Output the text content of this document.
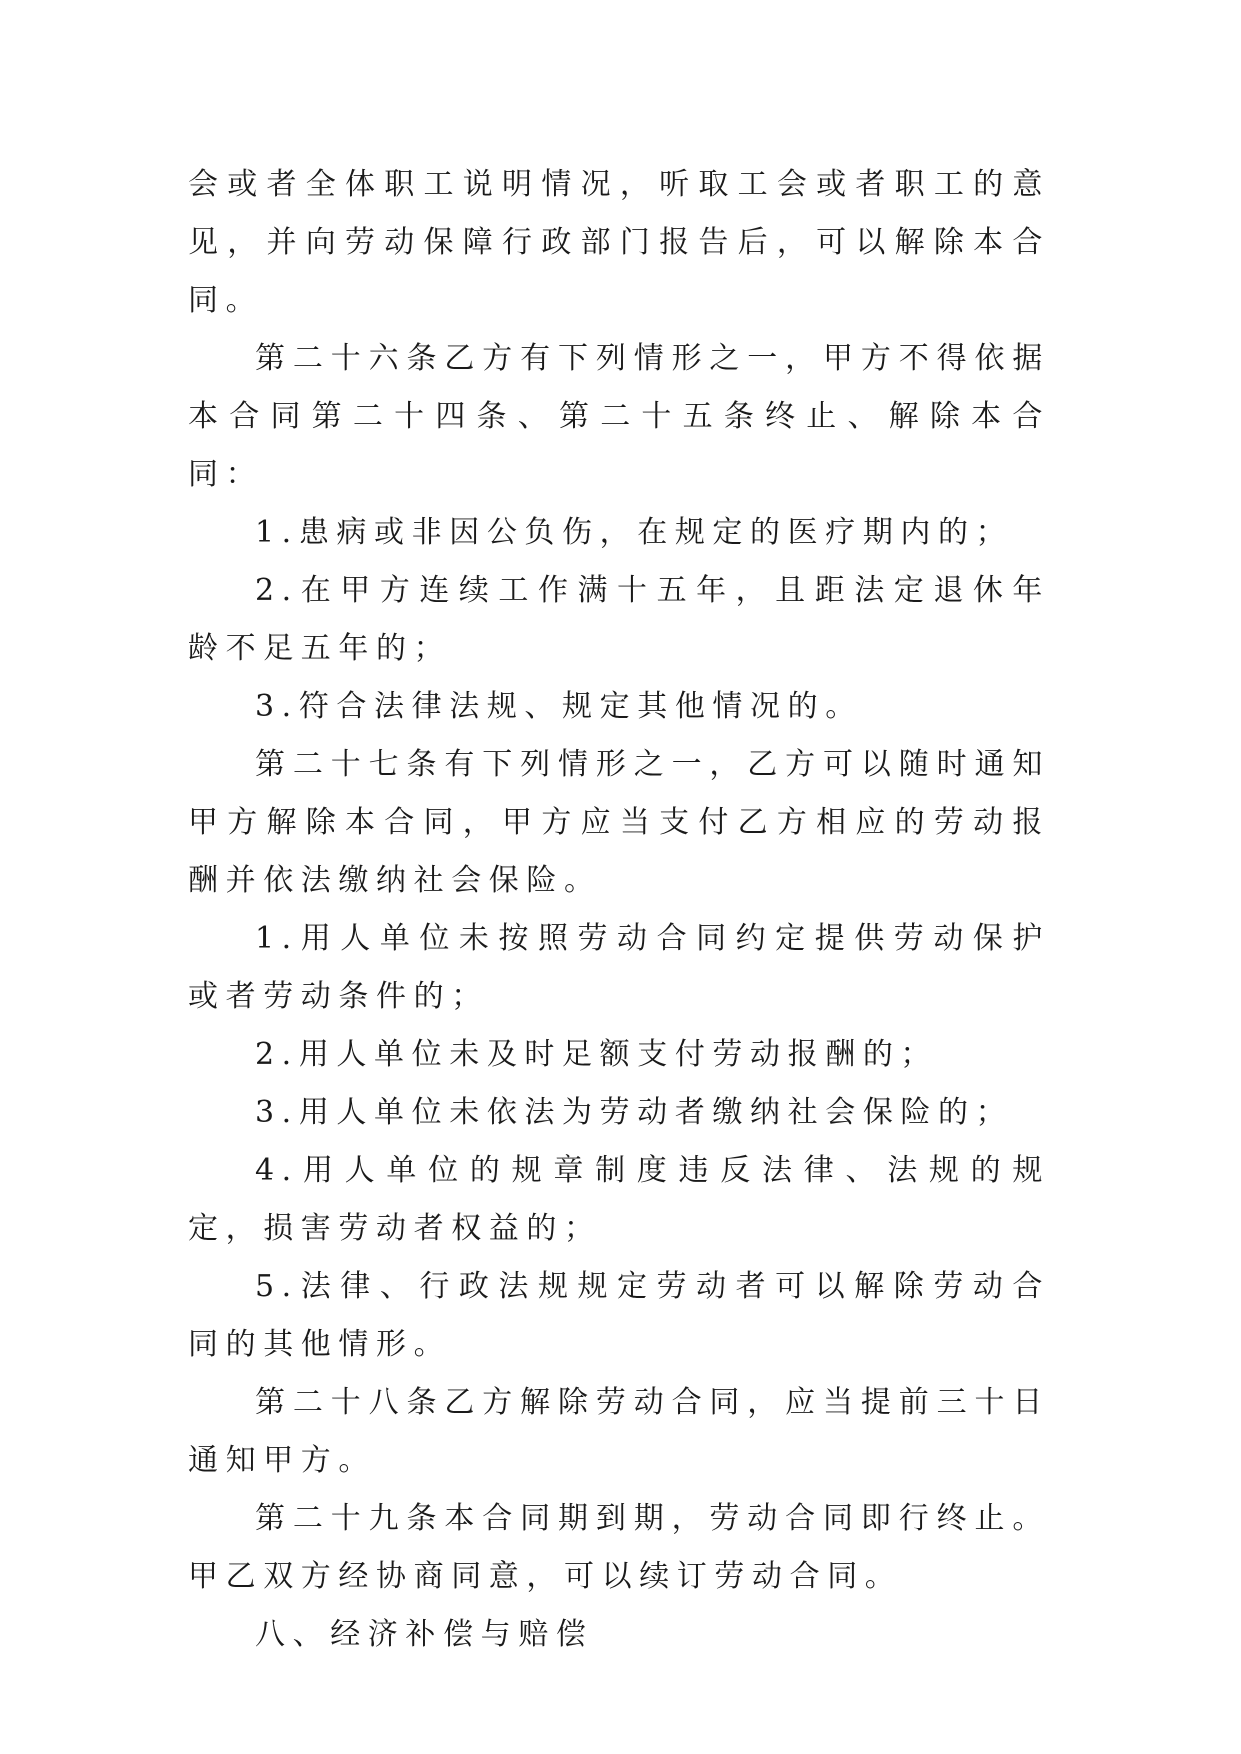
会或者全体职工说明情况，听取工会或者职工的意见，并向劳动保障行政部门报告后，可以解除本合同。

第二十六条乙方有下列情形之一，甲方不得依据本合同第二十四条、第二十五条终止、解除本合同：

1.患病或非因公负伤，在规定的医疗期内的；

2.在甲方连续工作满十五年，且距法定退休年龄不足五年的；

3.符合法律法规、规定其他情况的。

第二十七条有下列情形之一，乙方可以随时通知甲方解除本合同，甲方应当支付乙方相应的劳动报酬并依法缴纳社会保险。

1.用人单位未按照劳动合同约定提供劳动保护或者劳动条件的；

2.用人单位未及时足额支付劳动报酬的；

3.用人单位未依法为劳动者缴纳社会保险的；

4.用人单位的规章制度违反法律、法规的规定，损害劳动者权益的；

5.法律、行政法规规定劳动者可以解除劳动合同的其他情形。

第二十八条乙方解除劳动合同，应当提前三十日通知甲方。

第二十九条本合同期到期，劳动合同即行终止。甲乙双方经协商同意，可以续订劳动合同。

八、经济补偿与赔偿
